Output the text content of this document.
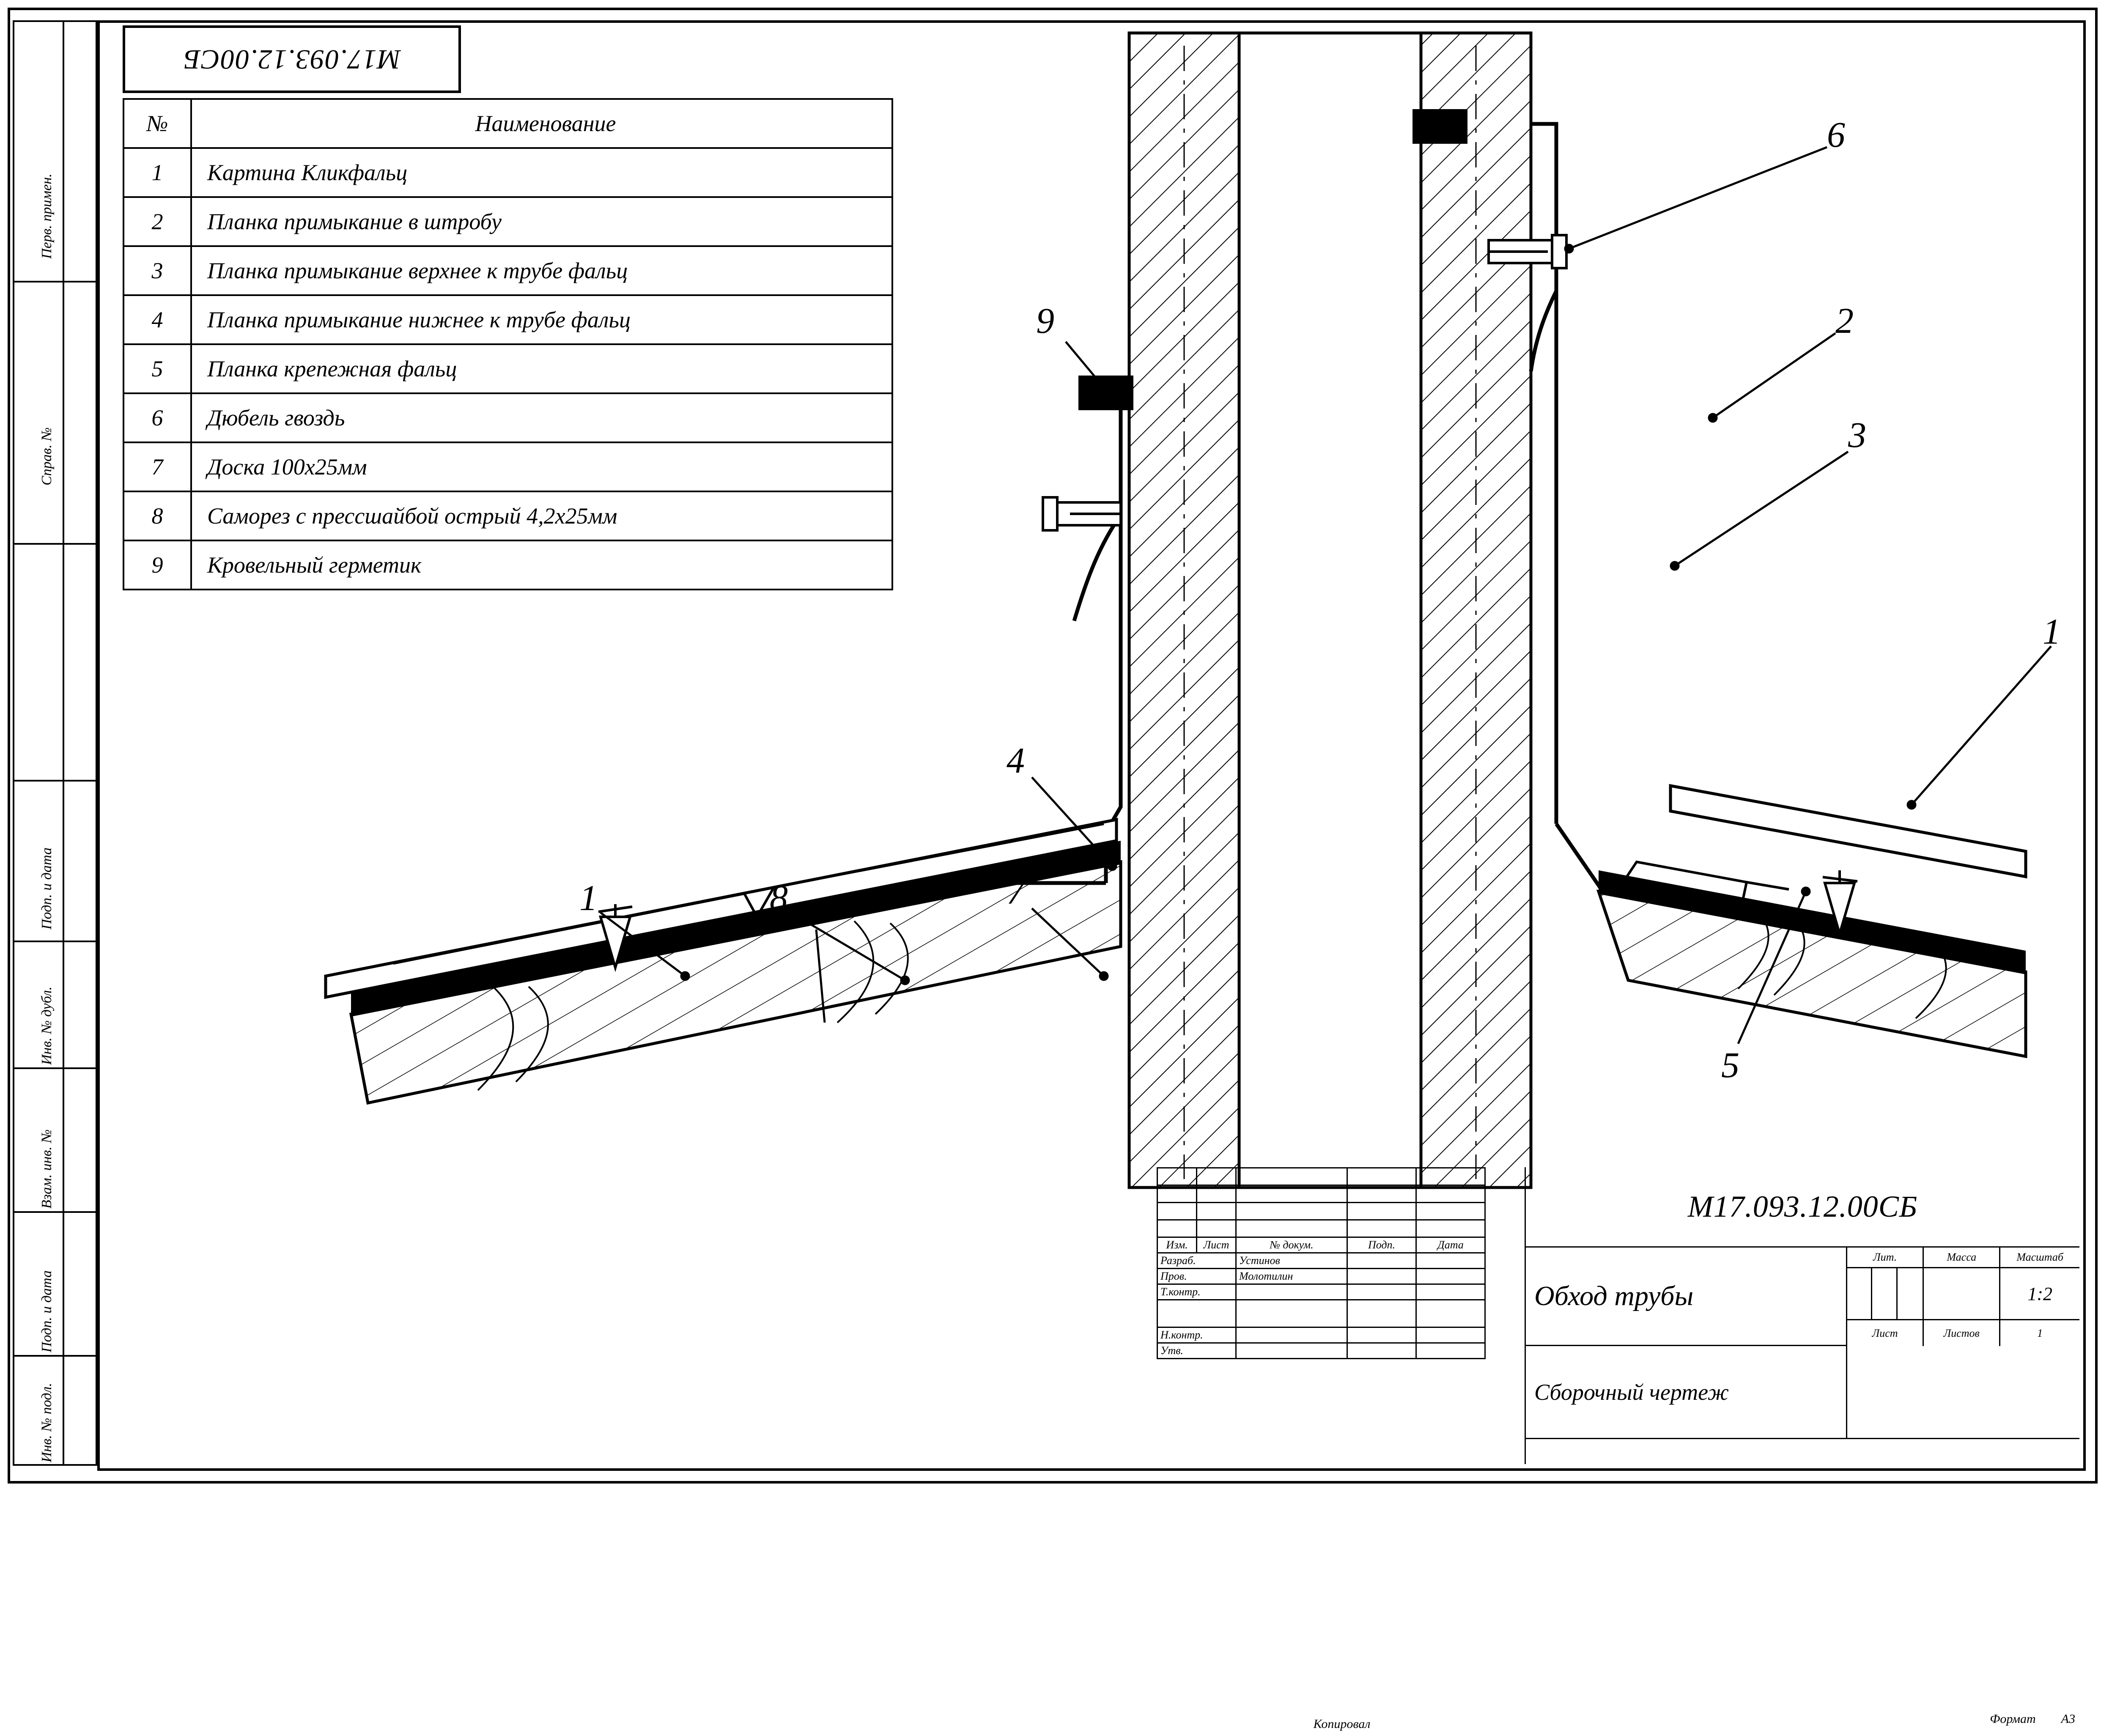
Перв. примен.
Справ. №
Подп. и дата
Инв. № дубл.
Взам. инв. №
Подп. и дата
Инв. № подл.
M17.093.12.00СБ
№	Наименование
1	Картина Кликфальц
2	Планка примыкание в штробу
3	Планка примыкание верхнее к трубе фальц
4	Планка примыкание нижнее к трубе фальц
5	Планка крепежная фальц
6	Дюбель гвоздь
7	Доска 100х25мм
8	Саморез с прессшайбой острый 4,2х25мм
9	Кровельный герметик
6
2
3
9
1
4
7
5
1	8

Изм.	Лист	№ докум.	Подп.	Дата
Разраб.		Устинов		
Пров.		Молотилин		
Т.контр.				

Н.контр.				
Утв.				
M17.093.12.00СБ
Обход трубы
Сборочный чертеж
Лит.	Масса	Масштаб
1:2
Лист	Листов	1
Копировал	Формат А3
